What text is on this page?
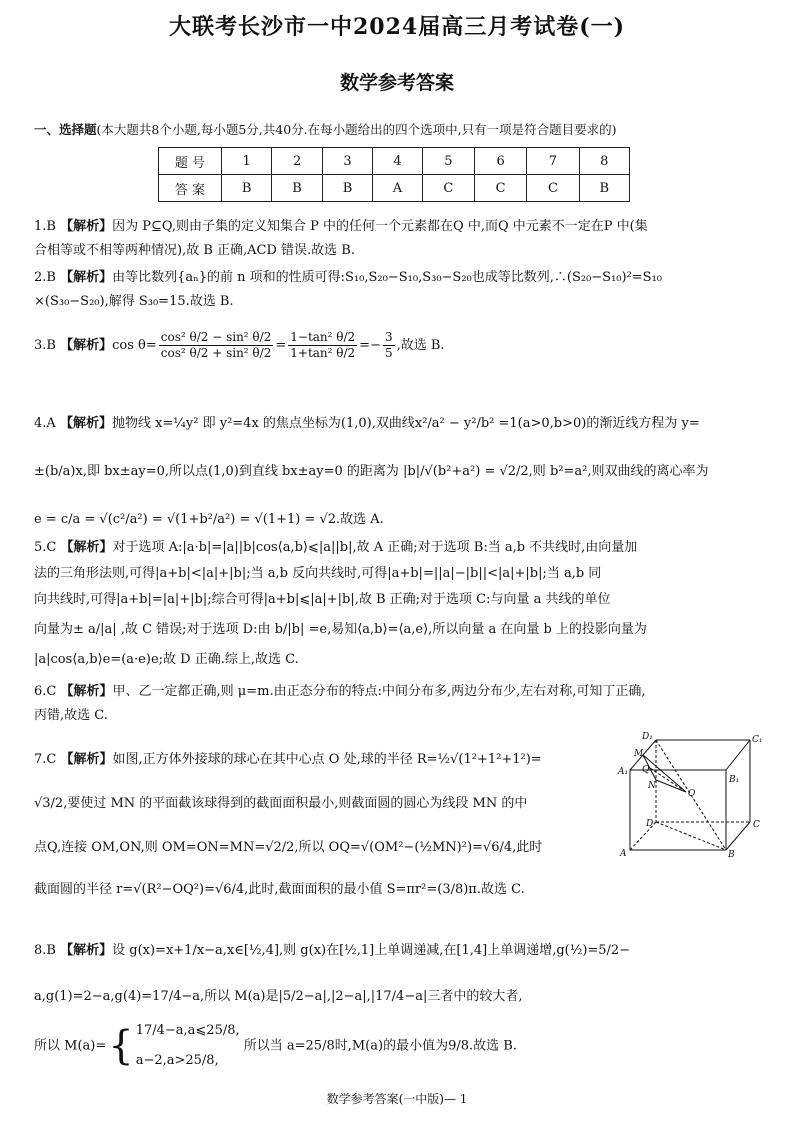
大联考长沙市一中2024届高三月考试卷(一)
数学参考答案
一、选择题(本大题共8个小题,每小题5分,共40分.在每小题给出的四个选项中,只有一项是符合题目要求的)
题 号	1	2	3	4	5	6	7	8
答 案	B	B	B	A	C	C	C	B
1.B 【解析】因为 P⊆Q,则由子集的定义知集合 P 中的任何一个元素都在Q 中,而Q 中元素不一定在P 中(集
合相等或不相等两种情况),故 B 正确,ACD 错误.故选 B.
2.B 【解析】由等比数列{aₙ}的前 n 项和的性质可得:S₁₀,S₂₀−S₁₀,S₃₀−S₂₀也成等比数列,∴(S₂₀−S₁₀)²=S₁₀
×(S₃₀−S₂₀),解得 S₃₀=15.故选 B.
3.B 【解析】$\cos \theta= \frac{\text{cos² θ/2 − sin² θ/2}}{\text{cos² θ/2 + sin² θ/2}} = \frac{\text{1−tan² θ/2}}{\text{1+tan² θ/2}} =- \frac{3}{5}$ ,故选 B.
4.A 【解析】抛物线 x=¼y² 即 y²=4x 的焦点坐标为(1,0),双曲线x²/a² − y²/b² =1(a>0,b>0)的渐近线方程为 y=
±(b/a)x,即 bx±ay=0,所以点(1,0)到直线 bx±ay=0 的距离为 |b|/√(b²+a²) = √2/2,则 b²=a²,则双曲线的离心率为
e = c/a = √(c²/a²) = √(1+b²/a²) = √(1+1) = √2.故选 A.
5.C 【解析】对于选项 A:|a·b|=|a||b|cos⟨a,b⟩⩽|a||b|,故 A 正确;对于选项 B:当 a,b 不共线时,由向量加
法的三角形法则,可得|a+b|<|a|+|b|;当 a,b 反向共线时,可得|a+b|=||a|−|b||<|a|+|b|;当 a,b 同
向共线时,可得|a+b|=|a|+|b|;综合可得|a+b|⩽|a|+|b|,故 B 正确;对于选项 C:与向量 a 共线的单位
向量为± a/|a| ,故 C 错误;对于选项 D:由 b/|b| =e,易知⟨a,b⟩=⟨a,e⟩,所以向量 a 在向量 b 上的投影向量为
|a|cos⟨a,b⟩e=(a·e)e;故 D 正确.综上,故选 C.
6.C 【解析】甲、乙一定都正确,则 μ=m.由正态分布的特点:中间分布多,两边分布少,左右对称,可知丁正确,
丙错,故选 C.
7.C 【解析】如图,正方体外接球的球心在其中心点 O 处,球的半径 R=½√(1²+1²+1²)=
√3/2,要使过 MN 的平面截该球得到的截面面积最小,则截面圆的圆心为线段 MN 的中
点Q,连接 OM,ON,则 OM=ON=MN=√2/2,所以 OQ=√(OM²−(½MN)²)=√6/4,此时
截面圆的半径 r=√(R²−OQ²)=√6/4,此时,截面面积的最小值 S=πr²=(3/8)π.故选 C.
D₁	C₁
A₁
B₁
M
Q
N
O
D	C
A	B
8.B 【解析】设 g(x)=x+1/x−a,x∈[½,4],则 g(x)在[½,1]上单调递减,在[1,4]上单调递增,g(½)=5/2−
a,g(1)=2−a,g(4)=17/4−a,所以 M(a)是|5/2−a|,|2−a|,|17/4−a|三者中的较大者,
所以 M(a)={ 17/4−a,a⩽25/8,
a−2,a>25/8,
所以当 a=25/8时,M(a)的最小值为9/8.故选 B.
数学参考答案(一中版)— 1
